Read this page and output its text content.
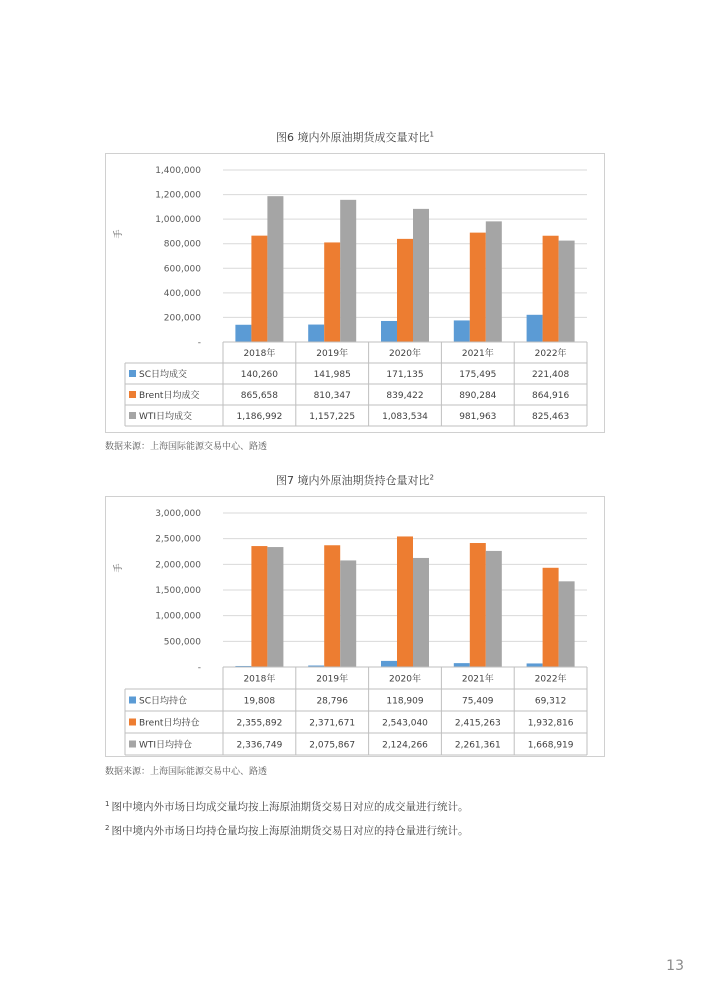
图6 境内外原油期货成交量对比$^1$
-
200,000
400,000
600,000
800,000
1,000,000
1,200,000
1,400,000
手
2018年	2019年	2020年	2021年	2022年
SC日均成交	140,260	141,985	171,135	175,495	221,408
Brent日均成交	865,658	810,347	839,422	890,284	864,916
WTI日均成交	1,186,992	1,157,225	1,083,534	981,963	825,463
数据来源：上海国际能源交易中心、路透
图7 境内外原油期货持仓量对比$^2$
-
500,000
1,000,000
1,500,000
2,000,000
2,500,000
3,000,000
手
2018年	2019年	2020年	2021年	2022年
SC日均持仓	19,808	28,796	118,909	75,409	69,312
Brent日均持仓	2,355,892	2,371,671	2,543,040	2,415,263	1,932,816
WTI日均持仓	2,336,749	2,075,867	2,124,266	2,261,361	1,668,919
数据来源：上海国际能源交易中心、路透
$^1$ 图中境内外市场日均成交量均按上海原油期货交易日对应的成交量进行统计。
$^2$ 图中境内外市场日均持仓量均按上海原油期货交易日对应的持仓量进行统计。
13
